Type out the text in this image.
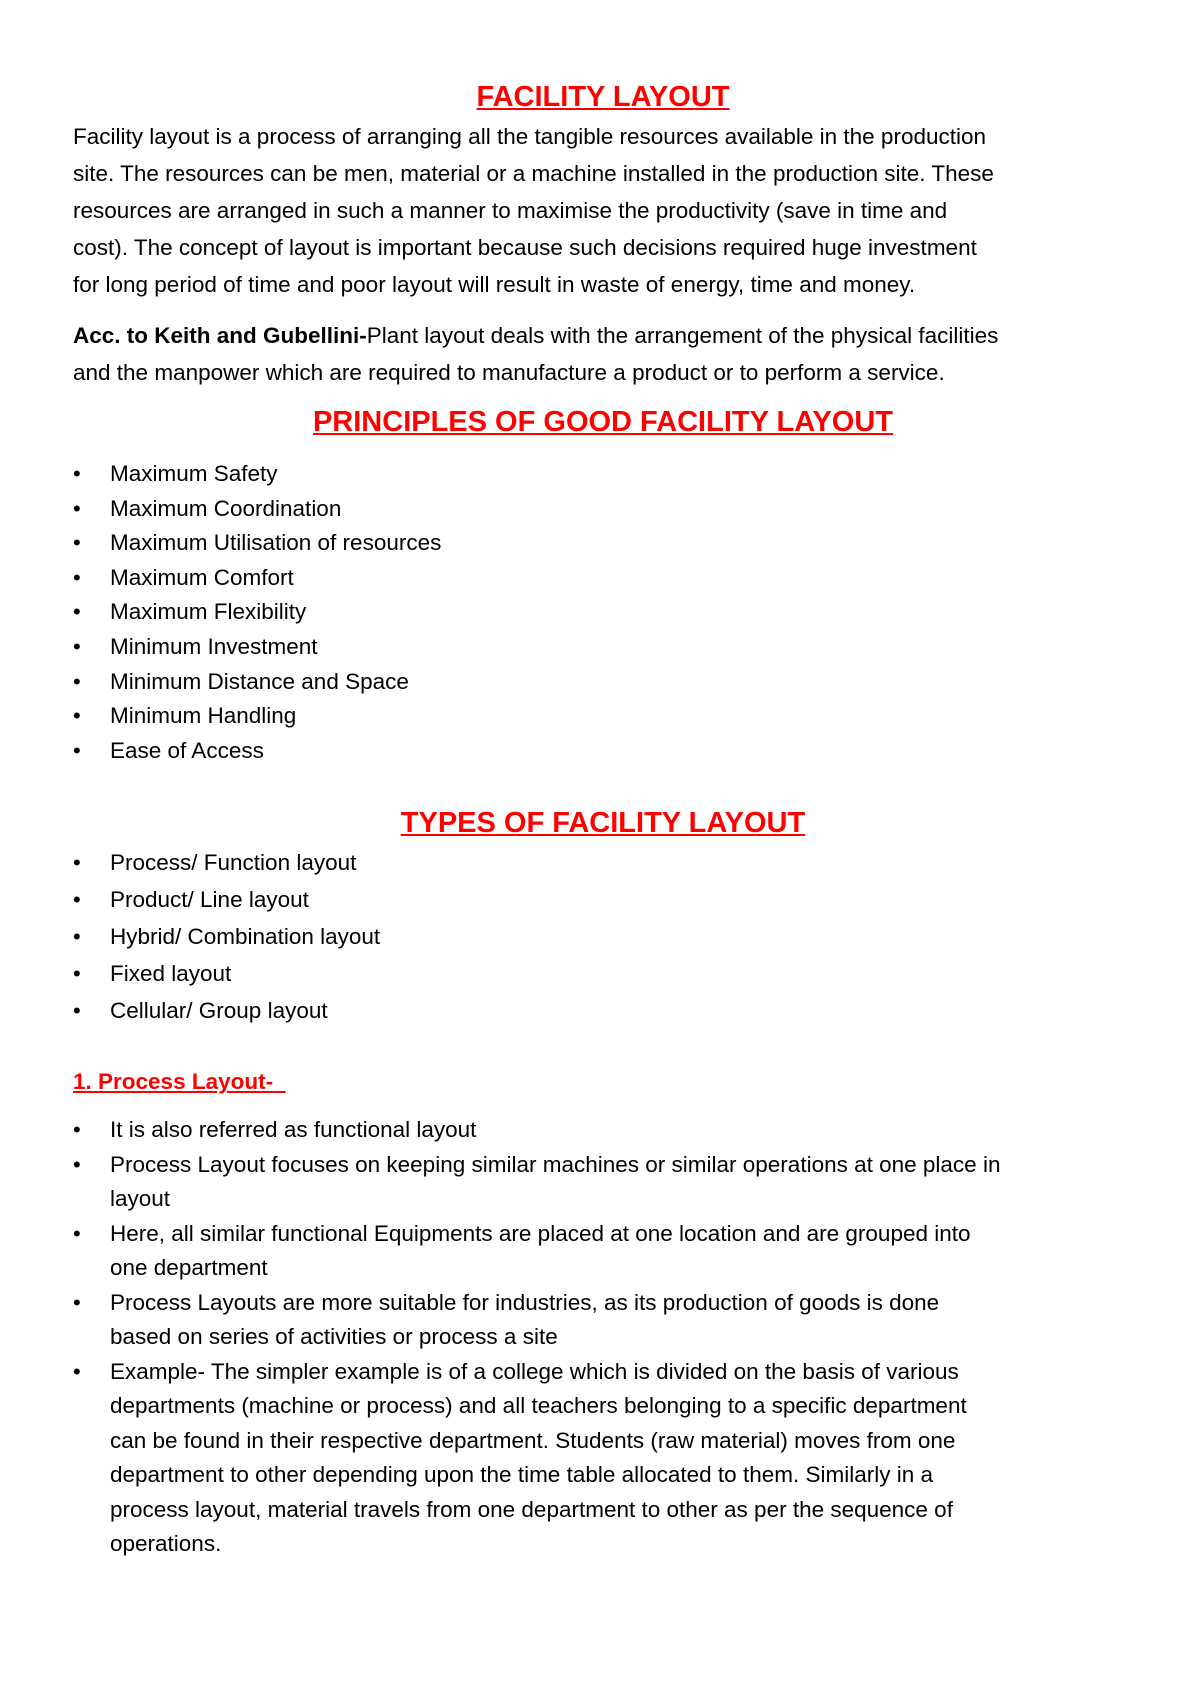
FACILITY LAYOUT

Facility layout is a process of arranging all the tangible resources available in the production
site. The resources can be men, material or a machine installed in the production site. These
resources are arranged in such a manner to maximise the productivity (save in time and
cost). The concept of layout is important because such decisions required huge investment
for long period of time and poor layout will result in waste of energy, time and money.

Acc. to Keith and Gubellini-Plant layout deals with the arrangement of the physical facilities
and the manpower which are required to manufacture a product or to perform a service.

PRINCIPLES OF GOOD FACILITY LAYOUT
• Maximum Safety
• Maximum Coordination
• Maximum Utilisation of resources
• Maximum Comfort
• Maximum Flexibility
• Minimum Investment
• Minimum Distance and Space
• Minimum Handling
• Ease of Access
TYPES OF FACILITY LAYOUT
• Process/ Function layout
• Product/ Line layout
• Hybrid/ Combination layout
• Fixed layout
• Cellular/ Group layout
1. Process Layout-
• It is also referred as functional layout
• Process Layout focuses on keeping similar machines or similar operations at one place in
layout
• Here, all similar functional Equipments are placed at one location and are grouped into
one department
• Process Layouts are more suitable for industries, as its production of goods is done
based on series of activities or process a site
• Example- The simpler example is of a college which is divided on the basis of various
departments (machine or process) and all teachers belonging to a specific department
can be found in their respective department. Students (raw material) moves from one
department to other depending upon the time table allocated to them. Similarly in a
process layout, material travels from one department to other as per the sequence of
operations.
